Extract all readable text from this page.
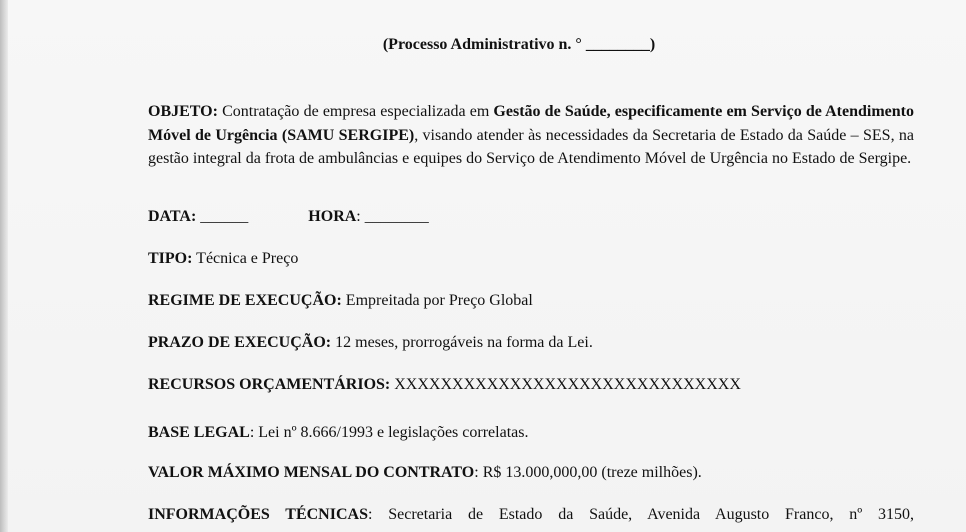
(Processo Administrativo n. ° ________)
OBJETO: Contratação de empresa especializada em Gestão de Saúde, especificamente em Serviço de Atendimento Móvel de Urgência (SAMU SERGIPE), visando atender às necessidades da Secretaria de Estado da Saúde – SES, na gestão integral da frota de ambulâncias e equipes do Serviço de Atendimento Móvel de Urgência no Estado de Sergipe.
DATA: ______	HORA: ________
TIPO: Técnica e Preço
REGIME DE EXECUÇÃO: Empreitada por Preço Global
PRAZO DE EXECUÇÃO: 12 meses, prorrogáveis na forma da Lei.
RECURSOS ORÇAMENTÁRIOS: XXXXXXXXXXXXXXXXXXXXXXXXXXXXXX
BASE LEGAL: Lei nº 8.666/1993 e legislações correlatas.
VALOR MÁXIMO MENSAL DO CONTRATO: R$ 13.000,000,00 (treze milhões).
INFORMAÇÕES TÉCNICAS: Secretaria de Estado da Saúde, Avenida Augusto Franco, nº 3150,
